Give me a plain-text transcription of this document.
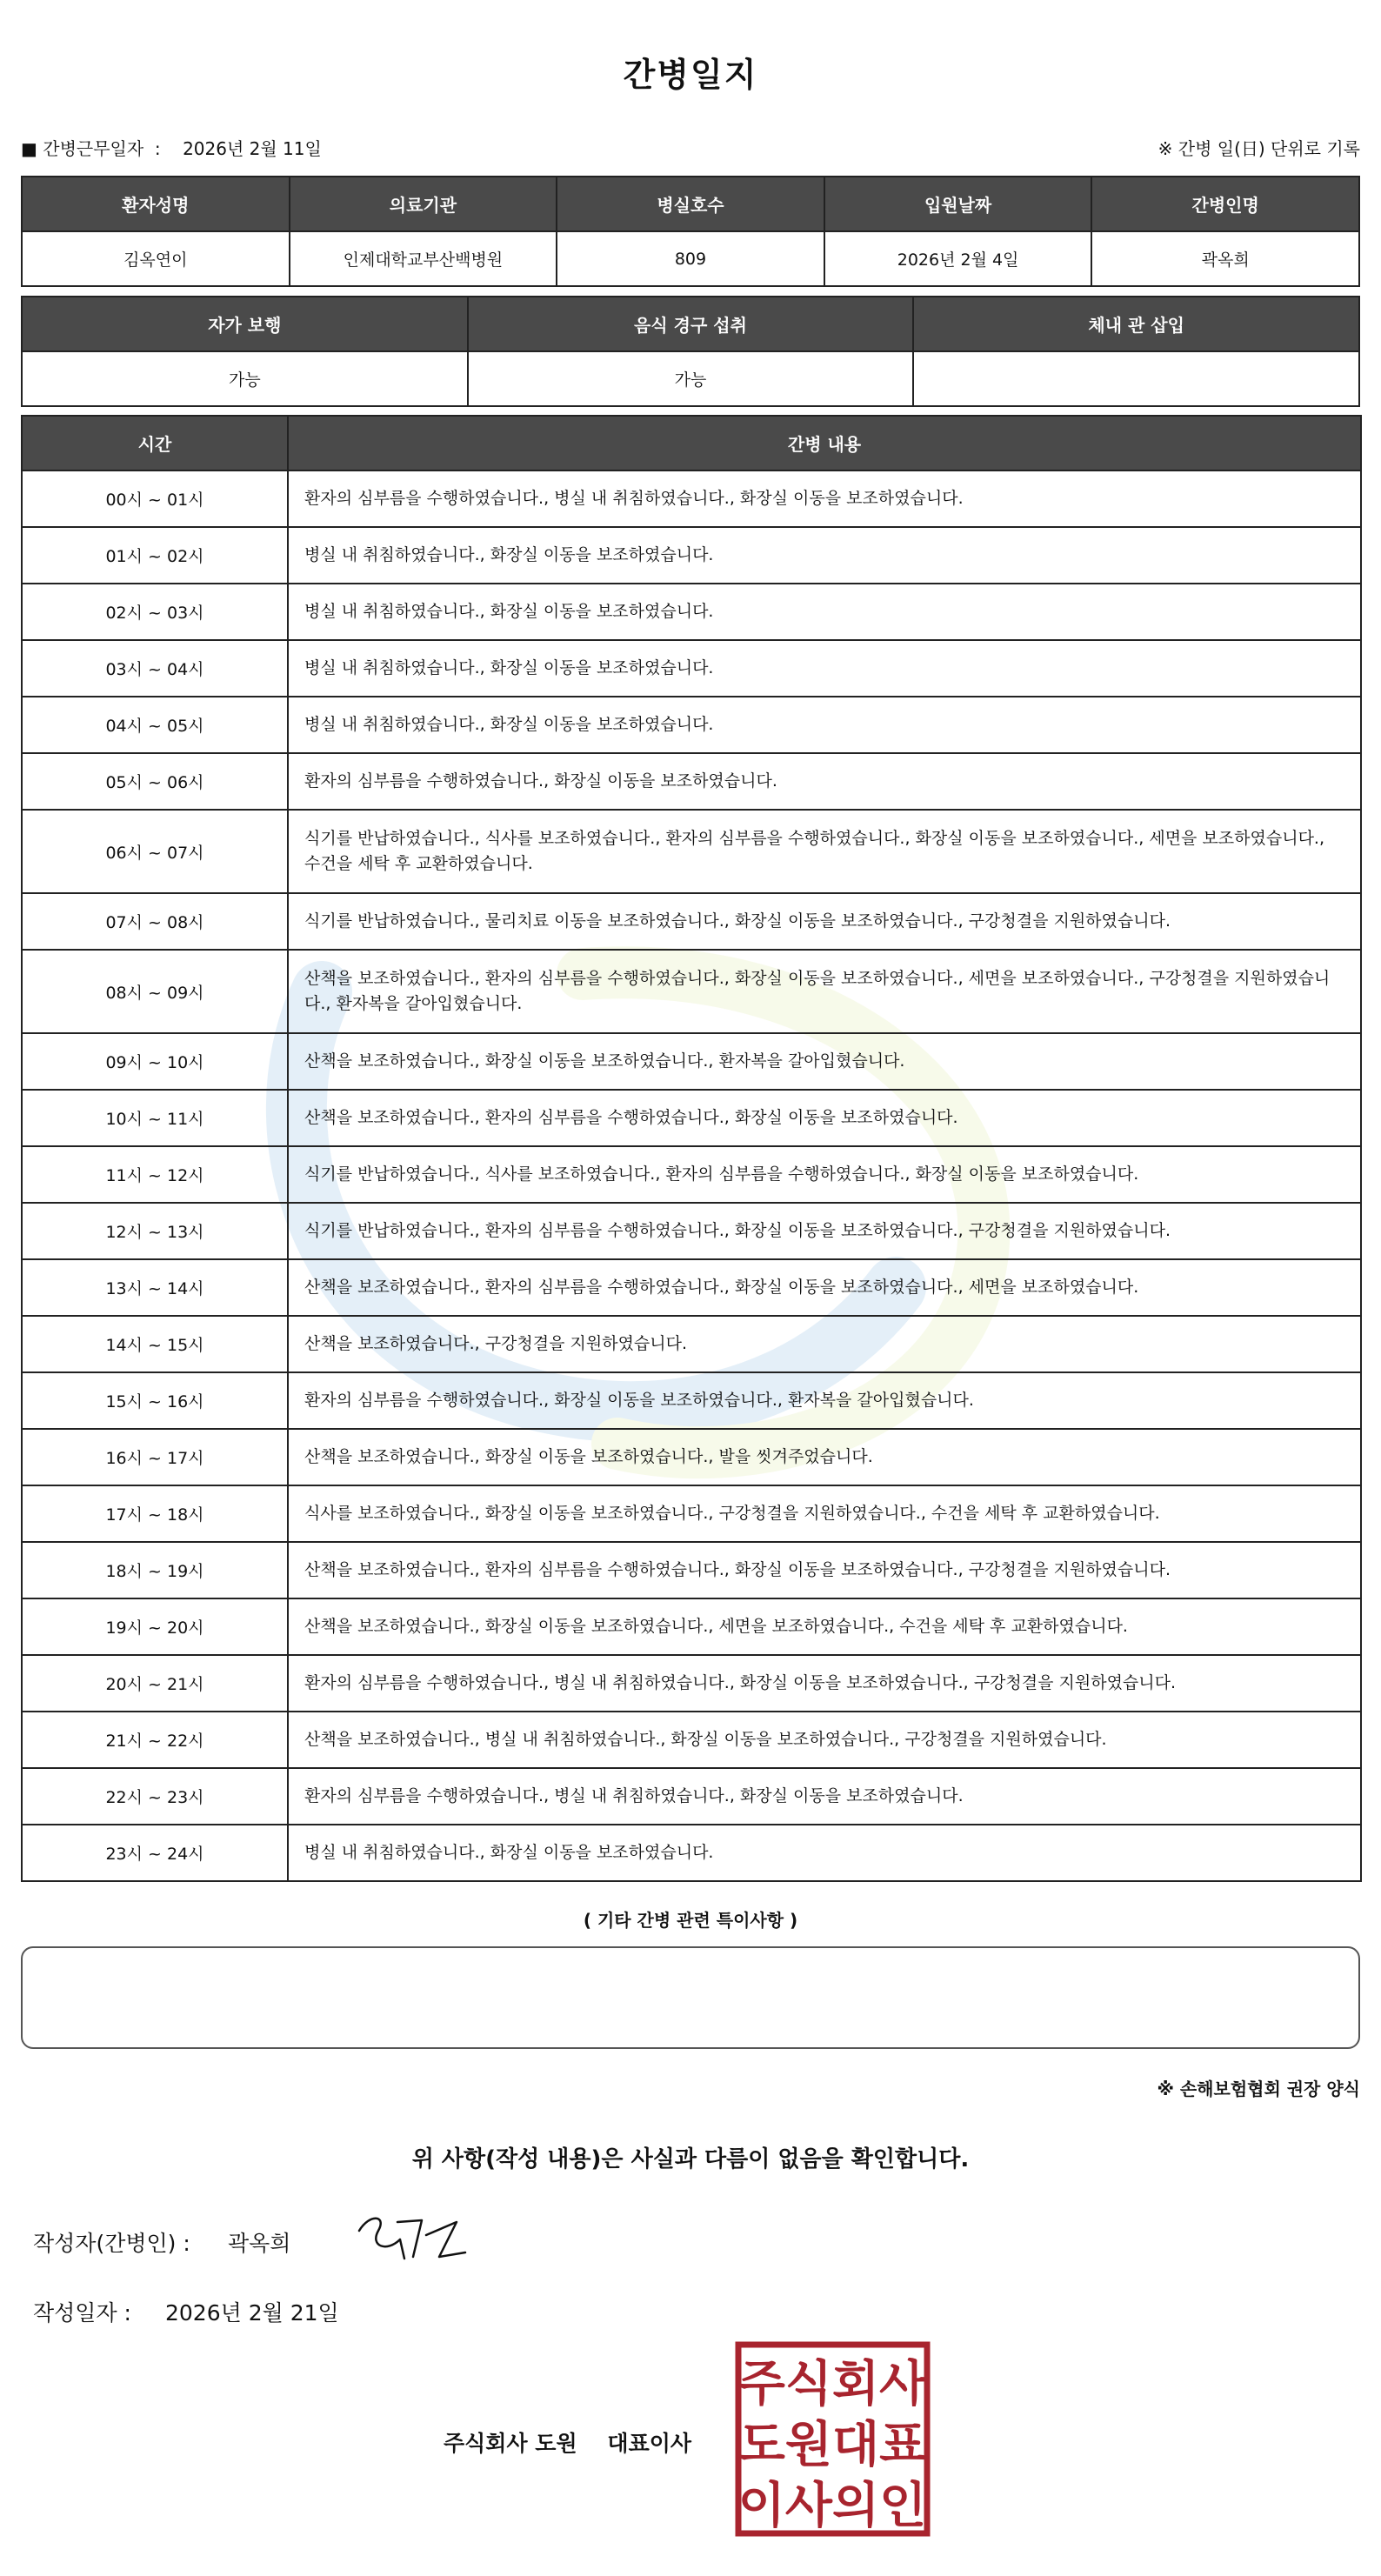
간병일지
■ 간병근무일자  : 2026년 2월 11일	※ 간병 일(日) 단위로 기록
환자성명	의료기관	병실호수	입원날짜	간병인명
김옥연이	인제대학교부산백병원	809	2026년 2월 4일	곽옥희
자가 보행	음식 경구 섭취	체내 관 삽입
가능	가능	
시간	간병 내용
00시 ~ 01시	환자의 심부름을 수행하였습니다., 병실 내 취침하였습니다., 화장실 이동을 보조하였습니다.
01시 ~ 02시	병실 내 취침하였습니다., 화장실 이동을 보조하였습니다.
02시 ~ 03시	병실 내 취침하였습니다., 화장실 이동을 보조하였습니다.
03시 ~ 04시	병실 내 취침하였습니다., 화장실 이동을 보조하였습니다.
04시 ~ 05시	병실 내 취침하였습니다., 화장실 이동을 보조하였습니다.
05시 ~ 06시	환자의 심부름을 수행하였습니다., 화장실 이동을 보조하였습니다.
06시 ~ 07시	식기를 반납하였습니다., 식사를 보조하였습니다., 환자의 심부름을 수행하였습니다., 화장실 이동을 보조하였습니다., 세면을 보조하였습니다., 수건을 세탁 후 교환하였습니다.
07시 ~ 08시	식기를 반납하였습니다., 물리치료 이동을 보조하였습니다., 화장실 이동을 보조하였습니다., 구강청결을 지원하였습니다.
08시 ~ 09시	산책을 보조하였습니다., 환자의 심부름을 수행하였습니다., 화장실 이동을 보조하였습니다., 세면을 보조하였습니다., 구강청결을 지원하였습니다., 환자복을 갈아입혔습니다.
09시 ~ 10시	산책을 보조하였습니다., 화장실 이동을 보조하였습니다., 환자복을 갈아입혔습니다.
10시 ~ 11시	산책을 보조하였습니다., 환자의 심부름을 수행하였습니다., 화장실 이동을 보조하였습니다.
11시 ~ 12시	식기를 반납하였습니다., 식사를 보조하였습니다., 환자의 심부름을 수행하였습니다., 화장실 이동을 보조하였습니다.
12시 ~ 13시	식기를 반납하였습니다., 환자의 심부름을 수행하였습니다., 화장실 이동을 보조하였습니다., 구강청결을 지원하였습니다.
13시 ~ 14시	산책을 보조하였습니다., 환자의 심부름을 수행하였습니다., 화장실 이동을 보조하였습니다., 세면을 보조하였습니다.
14시 ~ 15시	산책을 보조하였습니다., 구강청결을 지원하였습니다.
15시 ~ 16시	환자의 심부름을 수행하였습니다., 화장실 이동을 보조하였습니다., 환자복을 갈아입혔습니다.
16시 ~ 17시	산책을 보조하였습니다., 화장실 이동을 보조하였습니다., 발을 씻겨주었습니다.
17시 ~ 18시	식사를 보조하였습니다., 화장실 이동을 보조하였습니다., 구강청결을 지원하였습니다., 수건을 세탁 후 교환하였습니다.
18시 ~ 19시	산책을 보조하였습니다., 환자의 심부름을 수행하였습니다., 화장실 이동을 보조하였습니다., 구강청결을 지원하였습니다.
19시 ~ 20시	산책을 보조하였습니다., 화장실 이동을 보조하였습니다., 세면을 보조하였습니다., 수건을 세탁 후 교환하였습니다.
20시 ~ 21시	환자의 심부름을 수행하였습니다., 병실 내 취침하였습니다., 화장실 이동을 보조하였습니다., 구강청결을 지원하였습니다.
21시 ~ 22시	산책을 보조하였습니다., 병실 내 취침하였습니다., 화장실 이동을 보조하였습니다., 구강청결을 지원하였습니다.
22시 ~ 23시	환자의 심부름을 수행하였습니다., 병실 내 취침하였습니다., 화장실 이동을 보조하였습니다.
23시 ~ 24시	병실 내 취침하였습니다., 화장실 이동을 보조하였습니다.
( 기타 간병 관련 특이사항 )
※ 손해보험협회 권장 양식
위 사항(작성 내용)은 사실과 다름이 없음을 확인합니다.
작성자(간병인) : 곽옥희
작성일자 : 2026년 2월 21일
주식회사 도원    대표이사
주식회사
도원대표
이사의인
